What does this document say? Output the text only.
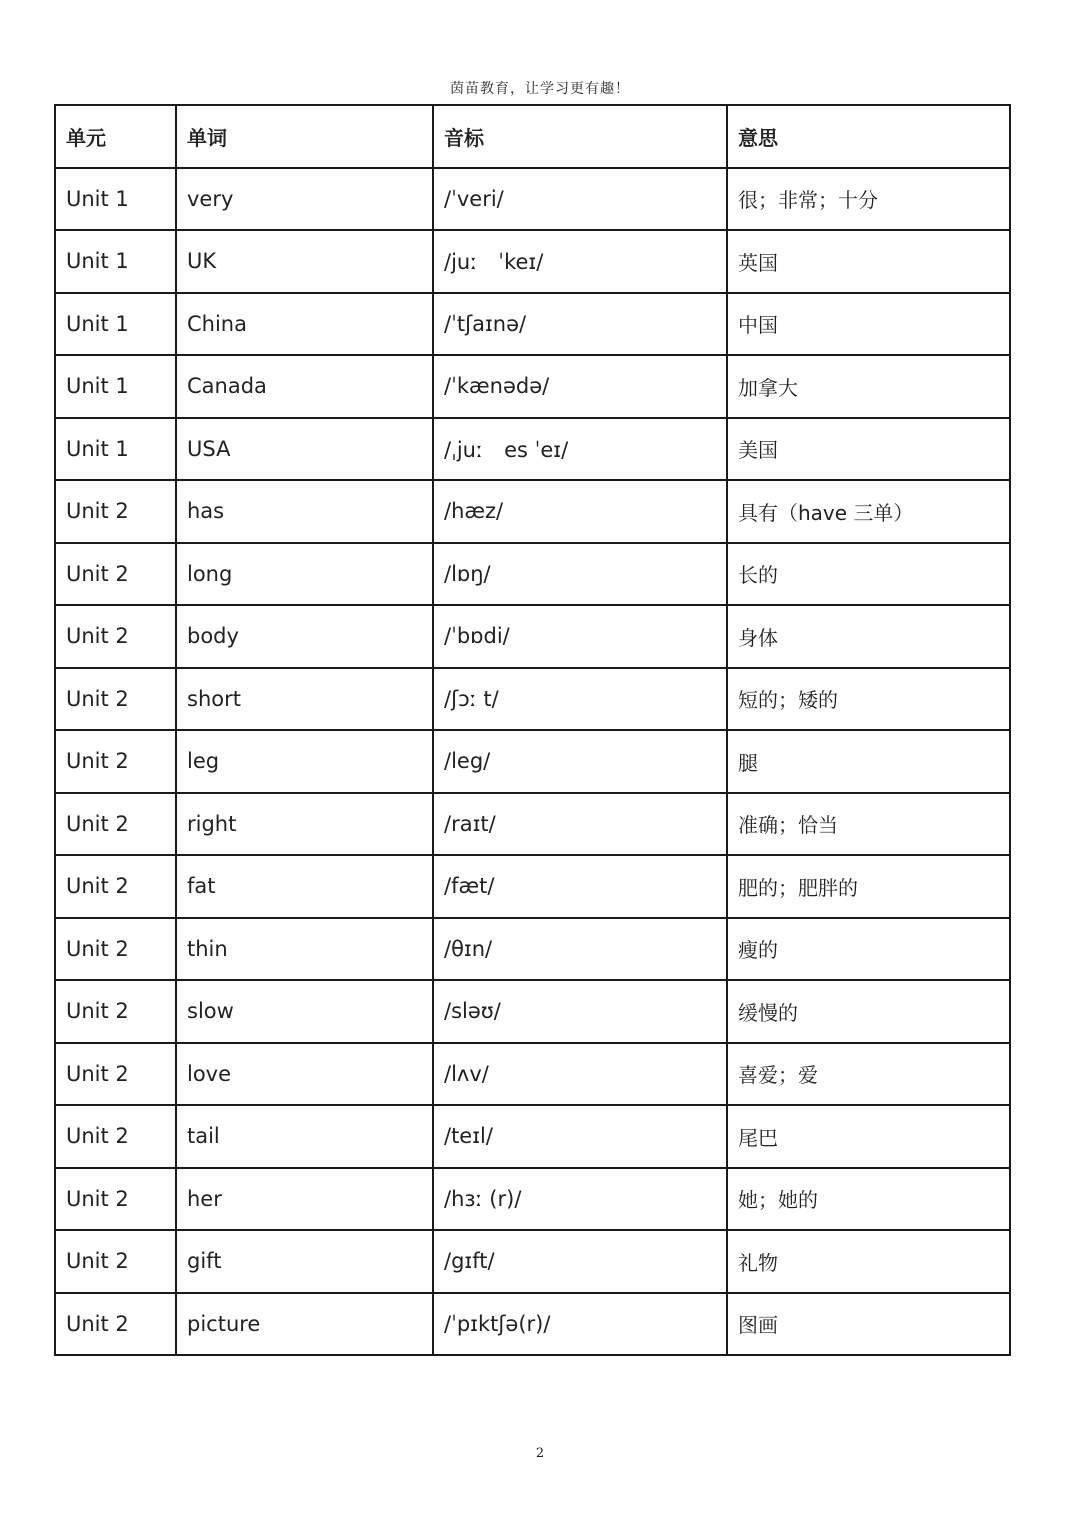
茵苗教育，让学习更有趣！
单元	单词	音标	意思
Unit 1	very	/ˈveri/	很；非常；十分
Unit 1	UK	/juː　ˈkeɪ/	英国
Unit 1	China	/ˈtʃaɪnə/	中国
Unit 1	Canada	/ˈkænədə/	加拿大
Unit 1	USA	/ˌjuː　es ˈeɪ/	美国
Unit 2	has	/hæz/	具有（have 三单）
Unit 2	long	/lɒŋ/	长的
Unit 2	body	/ˈbɒdi/	身体
Unit 2	short	/ʃɔː t/	短的；矮的
Unit 2	leg	/leg/	腿
Unit 2	right	/raɪt/	准确；恰当
Unit 2	fat	/fæt/	肥的；肥胖的
Unit 2	thin	/θɪn/	瘦的
Unit 2	slow	/sləʊ/	缓慢的
Unit 2	love	/lʌv/	喜爱；爱
Unit 2	tail	/teɪl/	尾巴
Unit 2	her	/hɜː (r)/	她；她的
Unit 2	gift	/gɪft/	礼物
Unit 2	picture	/ˈpɪktʃə(r)/	图画
2
